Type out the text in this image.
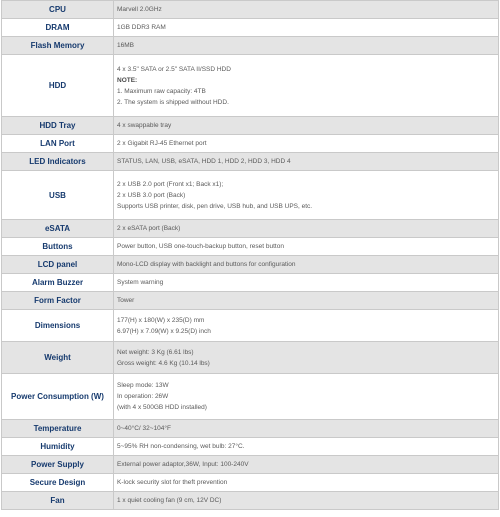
CPU	Marvell 2.0GHz

DRAM	1GB DDR3 RAM

Flash Memory	16MB

HDD	4 x 3.5" SATA or 2.5" SATA II/SSD HDD
NOTE:
1. Maximum raw capacity: 4TB
2. The system is shipped without HDD.

HDD Tray	4 x swappable tray

LAN Port	2 x Gigabit RJ-45 Ethernet port

LED Indicators	STATUS, LAN, USB, eSATA, HDD 1, HDD 2, HDD 3, HDD 4

USB	2 x USB 2.0 port (Front x1; Back x1);
2 x USB 3.0 port (Back)
Supports USB printer, disk, pen drive, USB hub, and USB UPS, etc.

eSATA	2 x eSATA port (Back)

Buttons	Power button, USB one-touch-backup button, reset button

LCD panel	Mono-LCD display with backlight and buttons for configuration

Alarm Buzzer	System warning

Form Factor	Tower

Dimensions	177(H) x 180(W) x 235(D) mm
6.97(H) x 7.09(W) x 9.25(D) inch

Weight	Net weight: 3 Kg (6.61 lbs)
Gross weight: 4.6 Kg (10.14 lbs)

Power Consumption (W)	Sleep mode: 13W
In operation: 26W
(with 4 x 500GB HDD installed)

Temperature	0~40°C/ 32~104°F

Humidity	5~95% RH non-condensing, wet bulb: 27°C.

Power Supply	External power adaptor,36W, Input: 100-240V

Secure Design	K-lock security slot for theft prevention

Fan	1 x quiet cooling fan (9 cm, 12V DC)
